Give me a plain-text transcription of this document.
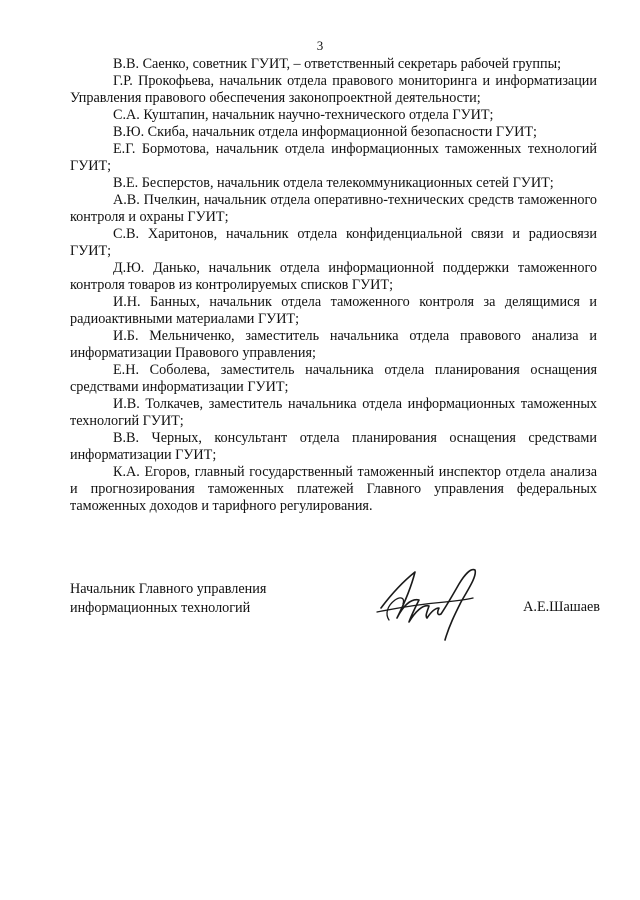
3

В.В. Саенко, советник ГУИТ, – ответственный секретарь рабочей группы;

Г.Р. Прокофьева, начальник отдела правового мониторинга и информатизации Управления правового обеспечения законопроектной деятельности;

С.А. Куштапин, начальник научно-технического отдела ГУИТ;

В.Ю. Скиба, начальник отдела информационной безопасности ГУИТ;

Е.Г. Бормотова, начальник отдела информационных таможенных технологий ГУИТ;

В.Е. Бесперстов, начальник отдела телекоммуникационных сетей ГУИТ;

А.В. Пчелкин, начальник отдела оперативно-технических средств таможенного контроля и охраны ГУИТ;

С.В. Харитонов, начальник отдела конфиденциальной связи и радиосвязи ГУИТ;

Д.Ю. Данько, начальник отдела информационной поддержки таможенного контроля товаров из контролируемых списков ГУИТ;

И.Н. Банных, начальник отдела таможенного контроля за делящимися и радиоактивными материалами ГУИТ;

И.Б. Мельниченко, заместитель начальника отдела правового анализа и информатизации Правового управления;

Е.Н. Соболева, заместитель начальника отдела планирования оснащения средствами информатизации ГУИТ;

И.В. Толкачев, заместитель начальника отдела информационных таможенных технологий ГУИТ;

В.В. Черных, консультант отдела планирования оснащения средствами информатизации ГУИТ;

К.А. Егоров, главный государственный таможенный инспектор отдела анализа и прогнозирования таможенных платежей Главного управления федеральных таможенных доходов и тарифного регулирования.

Начальник Главного управления
информационных технологий	А.Е.Шашаев
